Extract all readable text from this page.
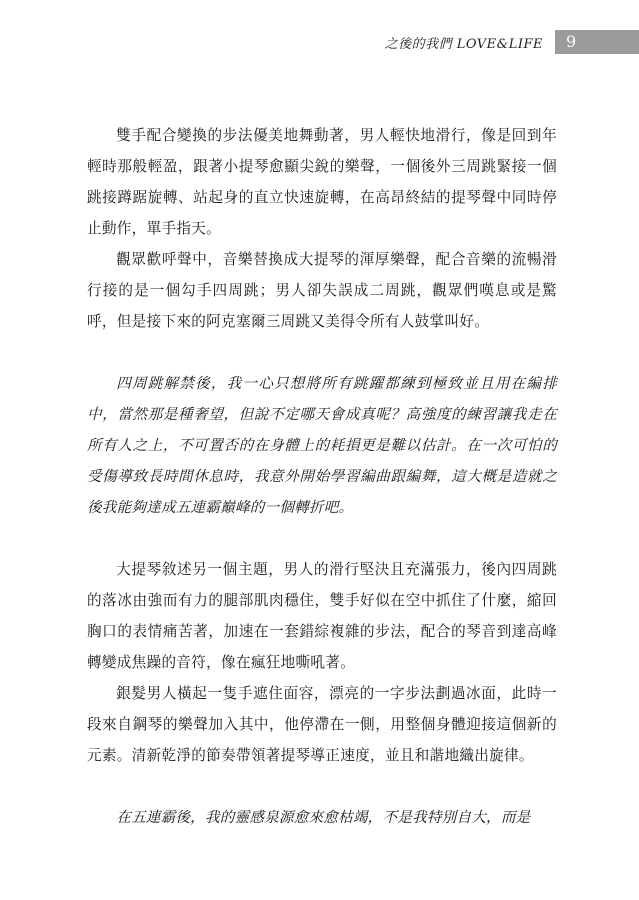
之後的我們 LOVE&LIFE 9

雙手配合變換的步法優美地舞動著，男人輕快地滑行，像是回到年輕時那般輕盈，跟著小提琴愈顯尖銳的樂聲，一個後外三周跳緊接一個跳接蹲踞旋轉、站起身的直立快速旋轉，在高昂終結的提琴聲中同時停止動作，單手指天。

觀眾歡呼聲中，音樂替換成大提琴的渾厚樂聲，配合音樂的流暢滑行接的是一個勾手四周跳；男人卻失誤成二周跳，觀眾們嘆息或是驚呼，但是接下來的阿克塞爾三周跳又美得令所有人鼓掌叫好。

四周跳解禁後，我一心只想將所有跳躍都練到極致並且用在編排中，當然那是種奢望，但說不定哪天會成真呢？高強度的練習讓我走在所有人之上，不可置否的在身體上的耗損更是難以估計。在一次可怕的受傷導致長時間休息時，我意外開始學習編曲跟編舞，這大概是造就之後我能夠達成五連霸巔峰的一個轉折吧。

大提琴敘述另一個主題，男人的滑行堅決且充滿張力，後內四周跳的落冰由強而有力的腿部肌肉穩住，雙手好似在空中抓住了什麼，縮回胸口的表情痛苦著，加速在一套錯綜複雜的步法，配合的琴音到達高峰轉變成焦躁的音符，像在瘋狂地嘶吼著。

銀髮男人橫起一隻手遮住面容，漂亮的一字步法劃過冰面，此時一段來自鋼琴的樂聲加入其中，他停滯在一側，用整個身體迎接這個新的元素。清新乾淨的節奏帶領著提琴導正速度，並且和諧地織出旋律。

在五連霸後，我的靈感泉源愈來愈枯竭，不是我特別自大，而是
